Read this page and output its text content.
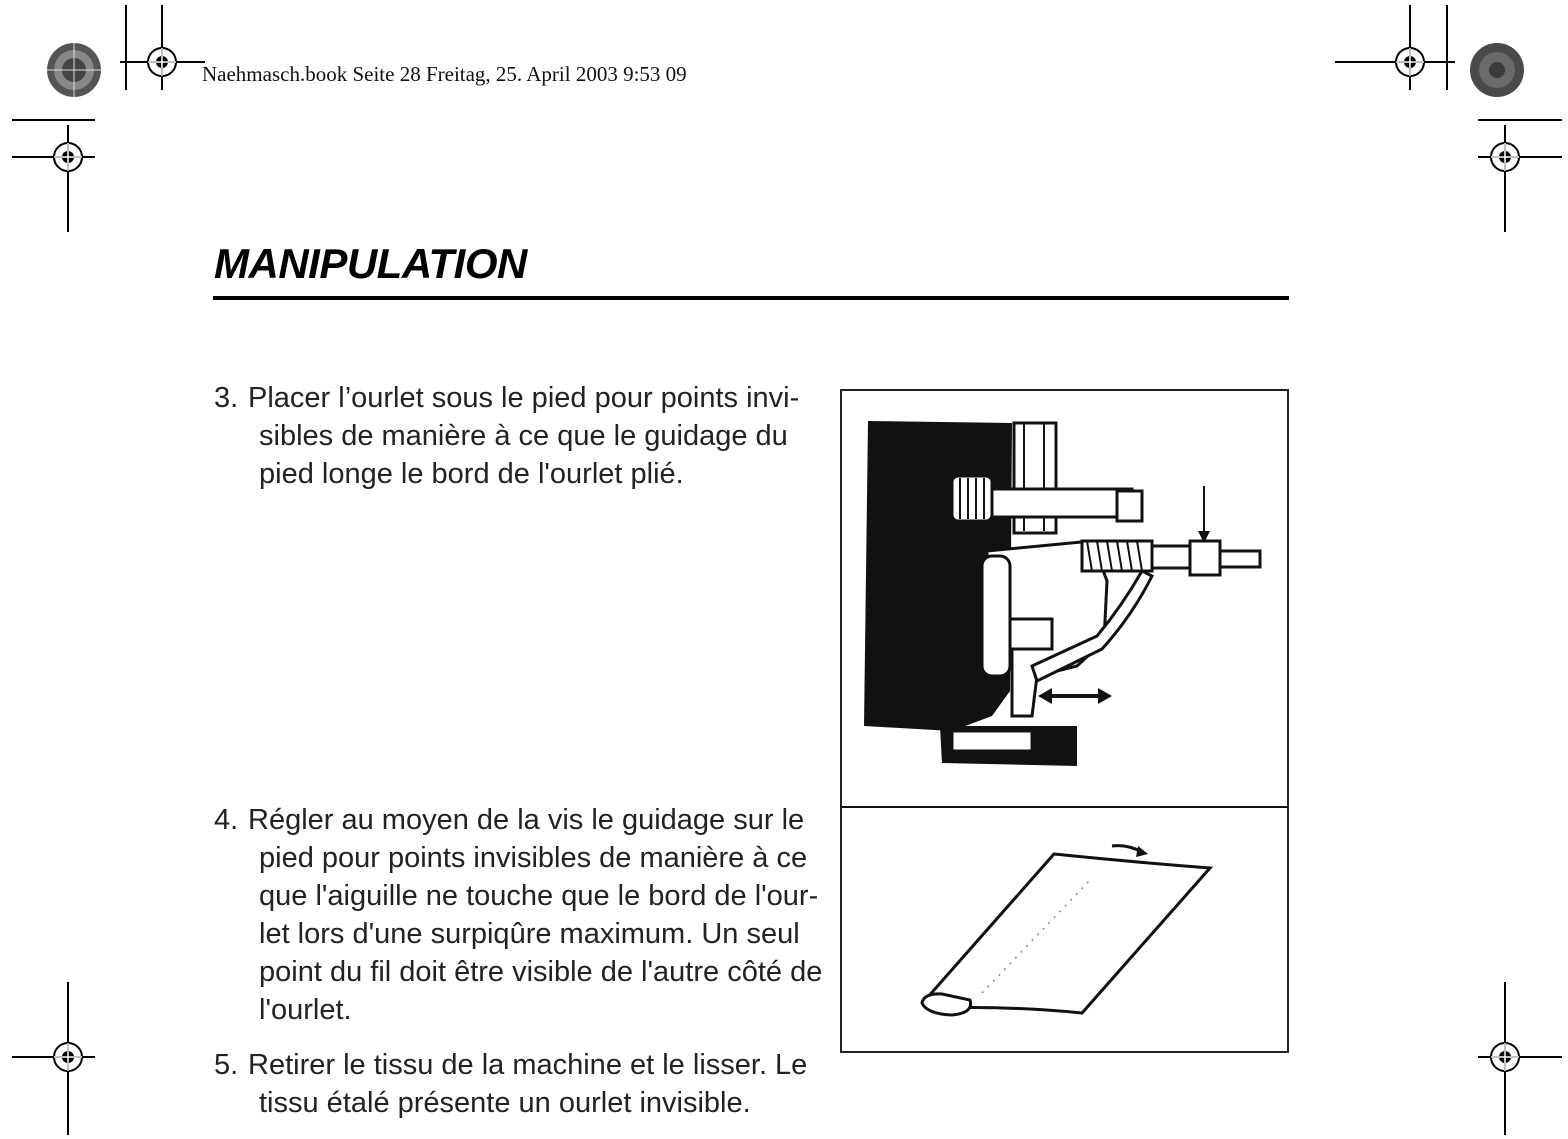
Naehmasch.book Seite 28 Freitag, 25. April 2003 9:53 09
MANIPULATION
3. Placer l’ourlet sous le pied pour points invi-
sibles de manière à ce que le guidage du
pied longe le bord de l'ourlet plié.
4. Régler au moyen de la vis le guidage sur le
pied pour points invisibles de manière à ce
que l'aiguille ne touche que le bord de l'our-
let lors d'une surpiqûre maximum. Un seul
point du fil doit être visible de l'autre côté de
l'ourlet.
5. Retirer le tissu de la machine et le lisser. Le
tissu étalé présente un ourlet invisible.
